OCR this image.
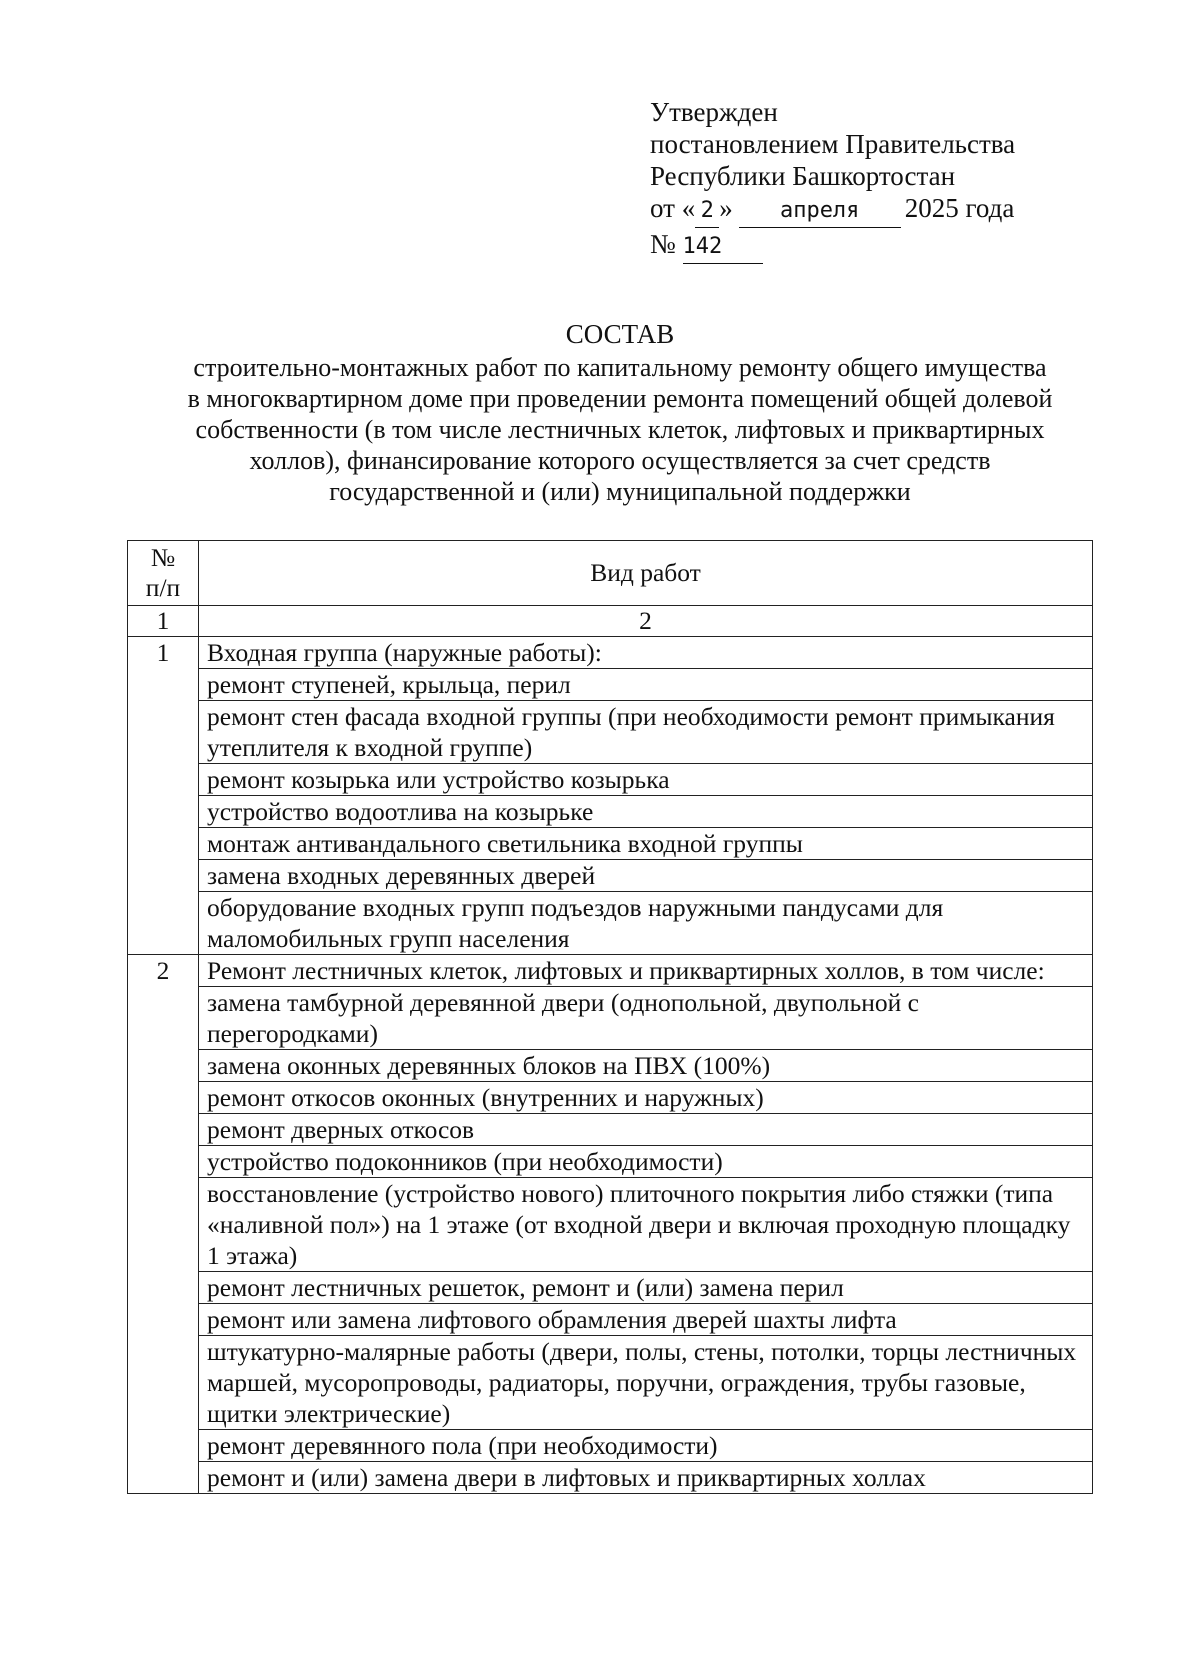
Утвержден
постановлением Правительства
Республики Башкортостан
от « 2 » апреля 2025 года
№ 142
СОСТАВ
строительно-монтажных работ по капитальному ремонту общего имущества
в многоквартирном доме при проведении ремонта помещений общей долевой
собственности (в том числе лестничных клеток, лифтовых и приквартирных
холлов), финансирование которого осуществляется за счет средств
государственной и (или) муниципальной поддержки
№
п/п	Вид работ
1	2
1	Входная группа (наружные работы):
	ремонт ступеней, крыльца, перил
	ремонт стен фасада входной группы (при необходимости ремонт примыкания утеплителя к входной группе)
	ремонт козырька или устройство козырька
	устройство водоотлива на козырьке
	монтаж антивандального светильника входной группы
	замена входных деревянных дверей
	оборудование входных групп подъездов наружными пандусами для маломобильных групп населения
2	Ремонт лестничных клеток, лифтовых и приквартирных холлов, в том числе:
	замена тамбурной деревянной двери (однопольной, двупольной с перегородками)
	замена оконных деревянных блоков на ПВХ (100%)
	ремонт откосов оконных (внутренних и наружных)
	ремонт дверных откосов
	устройство подоконников (при необходимости)
	восстановление (устройство нового) плиточного покрытия либо стяжки (типа «наливной пол») на 1 этаже (от входной двери и включая проходную площадку 1 этажа)
	ремонт лестничных решеток, ремонт и (или) замена перил
	ремонт или замена лифтового обрамления дверей шахты лифта
	штукатурно-малярные работы (двери, полы, стены, потолки, торцы лестничных маршей, мусоропроводы, радиаторы, поручни, ограждения, трубы газовые, щитки электрические)
	ремонт деревянного пола (при необходимости)
	ремонт и (или) замена двери в лифтовых и приквартирных холлах
